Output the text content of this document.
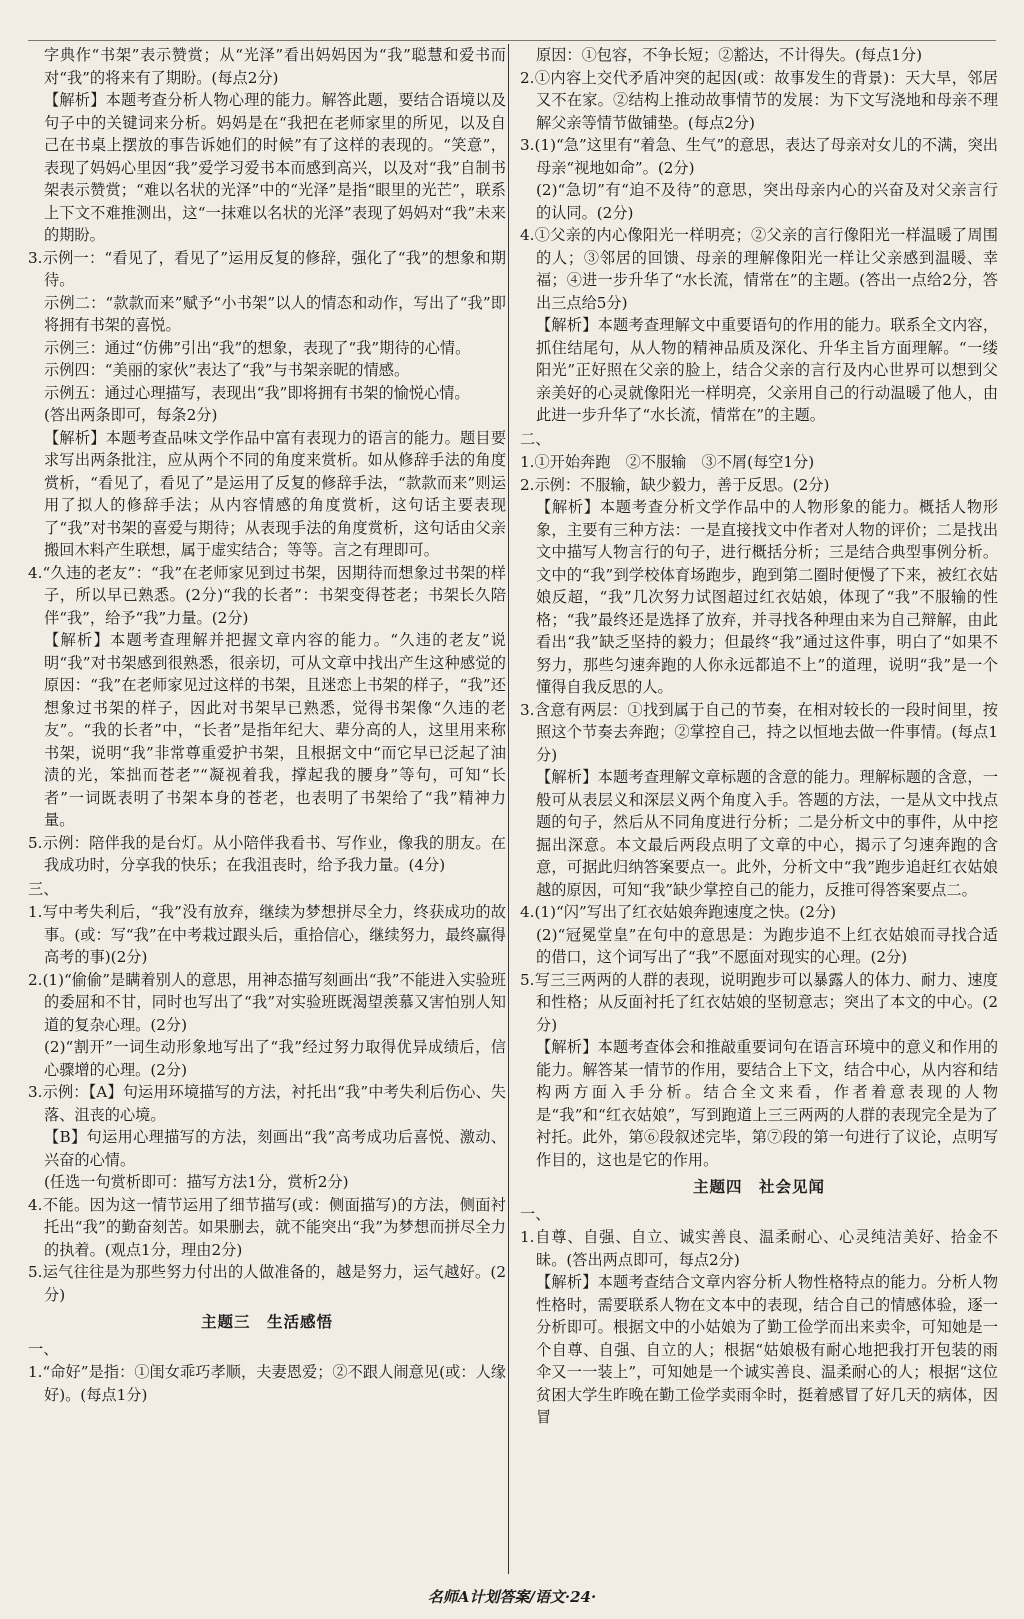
字典作“书架”表示赞赏；从“光泽”看出妈妈因为“我”聪慧和爱书而对“我”的将来有了期盼。(每点2分)

【解析】本题考查分析人物心理的能力。解答此题，要结合语境以及句子中的关键词来分析。妈妈是在“我把在老师家里的所见，以及自己在书桌上摆放的事告诉她们的时候”有了这样的表现的。“笑意”，表现了妈妈心里因“我”爱学习爱书本而感到高兴，以及对“我”自制书架表示赞赏；“难以名状的光泽”中的“光泽”是指“眼里的光芒”，联系上下文不难推测出，这“一抹难以名状的光泽”表现了妈妈对“我”未来的期盼。

3.示例一：“看见了，看见了”运用反复的修辞，强化了“我”的想象和期待。

示例二：“款款而来”赋予“小书架”以人的情态和动作，写出了“我”即将拥有书架的喜悦。

示例三：通过“仿佛”引出“我”的想象，表现了“我”期待的心情。

示例四：“美丽的家伙”表达了“我”与书架亲昵的情感。

示例五：通过心理描写，表现出“我”即将拥有书架的愉悦心情。

(答出两条即可，每条2分)

【解析】本题考查品味文学作品中富有表现力的语言的能力。题目要求写出两条批注，应从两个不同的角度来赏析。如从修辞手法的角度赏析，“看见了，看见了”是运用了反复的修辞手法，“款款而来”则运用了拟人的修辞手法；从内容情感的角度赏析，这句话主要表现了“我”对书架的喜爱与期待；从表现手法的角度赏析，这句话由父亲搬回木料产生联想，属于虚实结合；等等。言之有理即可。

4.“久违的老友”：“我”在老师家见到过书架，因期待而想象过书架的样子，所以早已熟悉。(2分)“我的长者”：书架变得苍老；书架长久陪伴“我”，给予“我”力量。(2分)

【解析】本题考查理解并把握文章内容的能力。“久违的老友”说明“我”对书架感到很熟悉，很亲切，可从文章中找出产生这种感觉的原因：“我”在老师家见过这样的书架，且迷恋上书架的样子，“我”还想象过书架的样子，因此对书架早已熟悉，觉得书架像“久违的老友”。“我的长者”中，“长者”是指年纪大、辈分高的人，这里用来称书架，说明“我”非常尊重爱护书架，且根据文中“而它早已泛起了油渍的光，笨拙而苍老”“凝视着我，撑起我的腰身”等句，可知“长者”一词既表明了书架本身的苍老，也表明了书架给了“我”精神力量。

5.示例：陪伴我的是台灯。从小陪伴我看书、写作业，像我的朋友。在我成功时，分享我的快乐；在我沮丧时，给予我力量。(4分)

三、

1.写中考失利后，“我”没有放弃，继续为梦想拼尽全力，终获成功的故事。(或：写“我”在中考栽过跟头后，重拾信心，继续努力，最终赢得高考的事)(2分)

2.(1)“偷偷”是瞒着别人的意思，用神态描写刻画出“我”不能进入实验班的委屈和不甘，同时也写出了“我”对实验班既渴望羡慕又害怕别人知道的复杂心理。(2分)

(2)“割开”一词生动形象地写出了“我”经过努力取得优异成绩后，信心骤增的心理。(2分)

3.示例：【A】句运用环境描写的方法，衬托出“我”中考失利后伤心、失落、沮丧的心境。

【B】句运用心理描写的方法，刻画出“我”高考成功后喜悦、激动、兴奋的心情。

(任选一句赏析即可：描写方法1分，赏析2分)

4.不能。因为这一情节运用了细节描写(或：侧面描写)的方法，侧面衬托出“我”的勤奋刻苦。如果删去，就不能突出“我”为梦想而拼尽全力的执着。(观点1分，理由2分)

5.运气往往是为那些努力付出的人做准备的，越是努力，运气越好。(2分)

主题三　生活感悟

一、

1.“命好”是指：①闺女乖巧孝顺，夫妻恩爱；②不跟人闹意见(或：人缘好)。(每点1分)

原因：①包容，不争长短；②豁达，不计得失。(每点1分)

2.①内容上交代矛盾冲突的起因(或：故事发生的背景)：天大旱，邻居又不在家。②结构上推动故事情节的发展：为下文写浇地和母亲不理解父亲等情节做铺垫。(每点2分)

3.(1)“急”这里有“着急、生气”的意思，表达了母亲对女儿的不满，突出母亲“视地如命”。(2分)

(2)“急切”有“迫不及待”的意思，突出母亲内心的兴奋及对父亲言行的认同。(2分)

4.①父亲的内心像阳光一样明亮；②父亲的言行像阳光一样温暖了周围的人；③邻居的回馈、母亲的理解像阳光一样让父亲感到温暖、幸福；④进一步升华了“水长流，情常在”的主题。(答出一点给2分，答出三点给5分)

【解析】本题考查理解文中重要语句的作用的能力。联系全文内容，抓住结尾句，从人物的精神品质及深化、升华主旨方面理解。“一缕阳光”正好照在父亲的脸上，结合父亲的言行及内心世界可以想到父亲美好的心灵就像阳光一样明亮，父亲用自己的行动温暖了他人，由此进一步升华了“水长流，情常在”的主题。

二、

1.①开始奔跑　②不服输　③不屑(每空1分)

2.示例：不服输，缺少毅力，善于反思。(2分)

【解析】本题考查分析文学作品中的人物形象的能力。概括人物形象，主要有三种方法：一是直接找文中作者对人物的评价；二是找出文中描写人物言行的句子，进行概括分析；三是结合典型事例分析。文中的“我”到学校体育场跑步，跑到第二圈时便慢了下来，被红衣姑娘反超，“我”几次努力试图超过红衣姑娘，体现了“我”不服输的性格；“我”最终还是选择了放弃，并寻找各种理由来为自己辩解，由此看出“我”缺乏坚持的毅力；但最终“我”通过这件事，明白了“如果不努力，那些匀速奔跑的人你永远都追不上”的道理，说明“我”是一个懂得自我反思的人。

3.含意有两层：①找到属于自己的节奏，在相对较长的一段时间里，按照这个节奏去奔跑；②掌控自己，持之以恒地去做一件事情。(每点1分)

【解析】本题考查理解文章标题的含意的能力。理解标题的含意，一般可从表层义和深层义两个角度入手。答题的方法，一是从文中找点题的句子，然后从不同角度进行分析；二是分析文中的事件，从中挖掘出深意。本文最后两段点明了文章的中心，揭示了匀速奔跑的含意，可据此归纳答案要点一。此外，分析文中“我”跑步追赶红衣姑娘越的原因，可知“我”缺少掌控自己的能力，反推可得答案要点二。

4.(1)“闪”写出了红衣姑娘奔跑速度之快。(2分)

(2)“冠冕堂皇”在句中的意思是：为跑步追不上红衣姑娘而寻找合适的借口，这个词写出了“我”不愿面对现实的心理。(2分)

5.写三三两两的人群的表现，说明跑步可以暴露人的体力、耐力、速度和性格；从反面衬托了红衣姑娘的坚韧意志；突出了本文的中心。(2分)

【解析】本题考查体会和推敲重要词句在语言环境中的意义和作用的能力。解答某一情节的作用，要结合上下文，结合中心，从内容和结构两方面入手分析。结合全文来看，作者着意表现的人物是“我”和“红衣姑娘”，写到跑道上三三两两的人群的表现完全是为了衬托。此外，第⑥段叙述完毕，第⑦段的第一句进行了议论，点明写作目的，这也是它的作用。

主题四　社会见闻

一、

1.自尊、自强、自立、诚实善良、温柔耐心、心灵纯洁美好、拾金不昧。(答出两点即可，每点2分)

【解析】本题考查结合文章内容分析人物性格特点的能力。分析人物性格时，需要联系人物在文本中的表现，结合自己的情感体验，逐一分析即可。根据文中的小姑娘为了勤工俭学而出来卖伞，可知她是一个自尊、自强、自立的人；根据“姑娘极有耐心地把我打开包装的雨伞又一一装上”，可知她是一个诚实善良、温柔耐心的人；根据“这位贫困大学生昨晚在勤工俭学卖雨伞时，挺着感冒了好几天的病体，因冒

名师A计划答案/语文·24·
